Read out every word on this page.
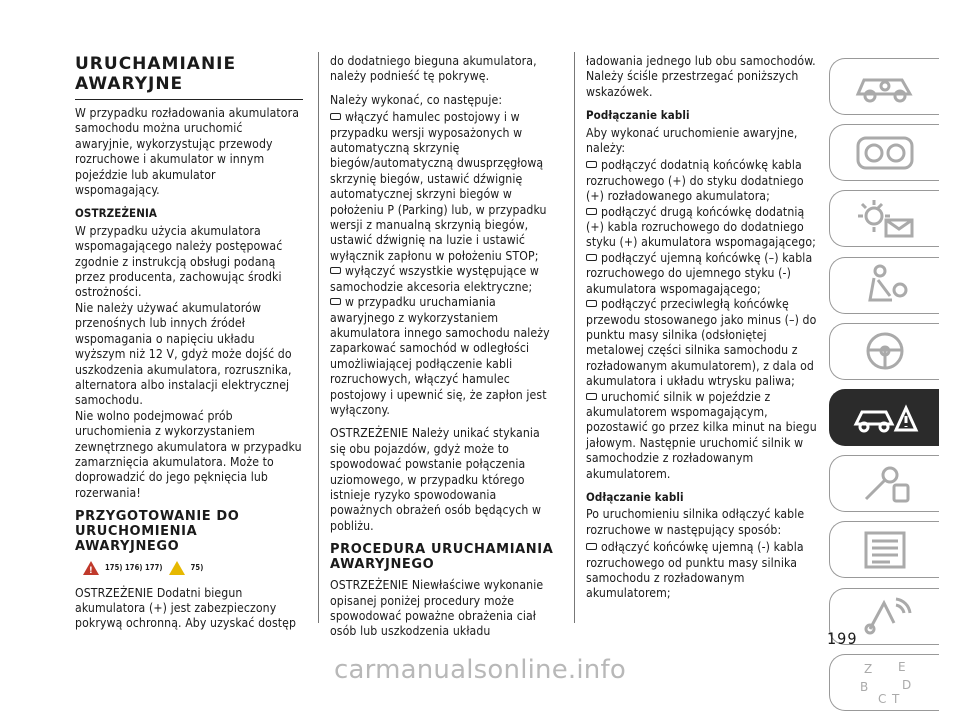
URUCHAMIANIE AWARYJNE

W przypadku rozładowania akumulatora samochodu można uruchomić awaryjnie, wykorzystując przewody rozruchowe i akumulator w innym pojeździe lub akumulator wspomagający.

OSTRZEŻENIA

W przypadku użycia akumulatora wspomagającego należy postępować zgodnie z instrukcją obsługi podaną przez producenta, zachowując środki ostrożności.

Nie należy używać akumulatorów przenośnych lub innych źródeł wspomagania o napięciu układu wyższym niż 12 V, gdyż może dojść do uszkodzenia akumulatora, rozrusznika, alternatora albo instalacji elektrycznej samochodu.

Nie wolno podejmować prób uruchomienia z wykorzystaniem zewnętrznego akumulatora w przypadku zamarznięcia akumulatora. Może to doprowadzić do jego pęknięcia lub rozerwania!

PRZYGOTOWANIE DO URUCHOMIENIA AWARYJNEGO
!
175) 176) 177)	75)

OSTRZEŻENIE Dodatni biegun akumulatora (+) jest zabezpieczony pokrywą ochronną. Aby uzyskać dostęp

do dodatniego bieguna akumulatora, należy podnieść tę pokrywę.

Należy wykonać, co następuje:

włączyć hamulec postojowy i w przypadku wersji wyposażonych w automatyczną skrzynię biegów/automatyczną dwusprzęgłową skrzynię biegów, ustawić dźwignię automatycznej skrzyni biegów w położeniu P (Parking) lub, w przypadku wersji z manualną skrzynią biegów, ustawić dźwignię na luzie i ustawić wyłącznik zapłonu w położeniu STOP;

wyłączyć wszystkie występujące w samochodzie akcesoria elektryczne;

w przypadku uruchamiania awaryjnego z wykorzystaniem akumulatora innego samochodu należy zaparkować samochód w odległości umożliwiającej podłączenie kabli rozruchowych, włączyć hamulec postojowy i upewnić się, że zapłon jest wyłączony.

OSTRZEŻENIE Należy unikać stykania się obu pojazdów, gdyż może to spowodować powstanie połączenia uziomowego, w przypadku którego istnieje ryzyko spowodowania poważnych obrażeń osób będących w pobliżu.

PROCEDURA URUCHAMIANIA AWARYJNEGO

OSTRZEŻENIE Niewłaściwe wykonanie opisanej poniżej procedury może spowodować poważne obrażenia ciał osób lub uszkodzenia układu

ładowania jednego lub obu samochodów. Należy ściśle przestrzegać poniższych wskazówek.

Podłączanie kabli

Aby wykonać uruchomienie awaryjne, należy:

podłączyć dodatnią końcówkę kabla rozruchowego (+) do styku dodatniego (+) rozładowanego akumulatora;

podłączyć drugą końcówkę dodatnią (+) kabla rozruchowego do dodatniego styku (+) akumulatora wspomagającego;

podłączyć ujemną końcówkę (–) kabla rozruchowego do ujemnego styku (-) akumulatora wspomagającego;

podłączyć przeciwległą końcówkę przewodu stosowanego jako minus (–) do punktu masy silnika (odsłoniętej metalowej części silnika samochodu z rozładowanym akumulatorem), z dala od akumulatora i układu wtrysku paliwa;

uruchomić silnik w pojeździe z akumulatorem wspomagającym, pozostawić go przez kilka minut na biegu jałowym. Następnie uruchomić silnik w samochodzie z rozładowanym akumulatorem.

Odłączanie kabli

Po uruchomieniu silnika odłączyć kable rozruchowe w następujący sposób:

odłączyć końcówkę ujemną (-) kabla rozruchowego od punktu masy silnika samochodu z rozładowanym akumulatorem;

Z E
B	D
C T
199
carmanualsonline.info
